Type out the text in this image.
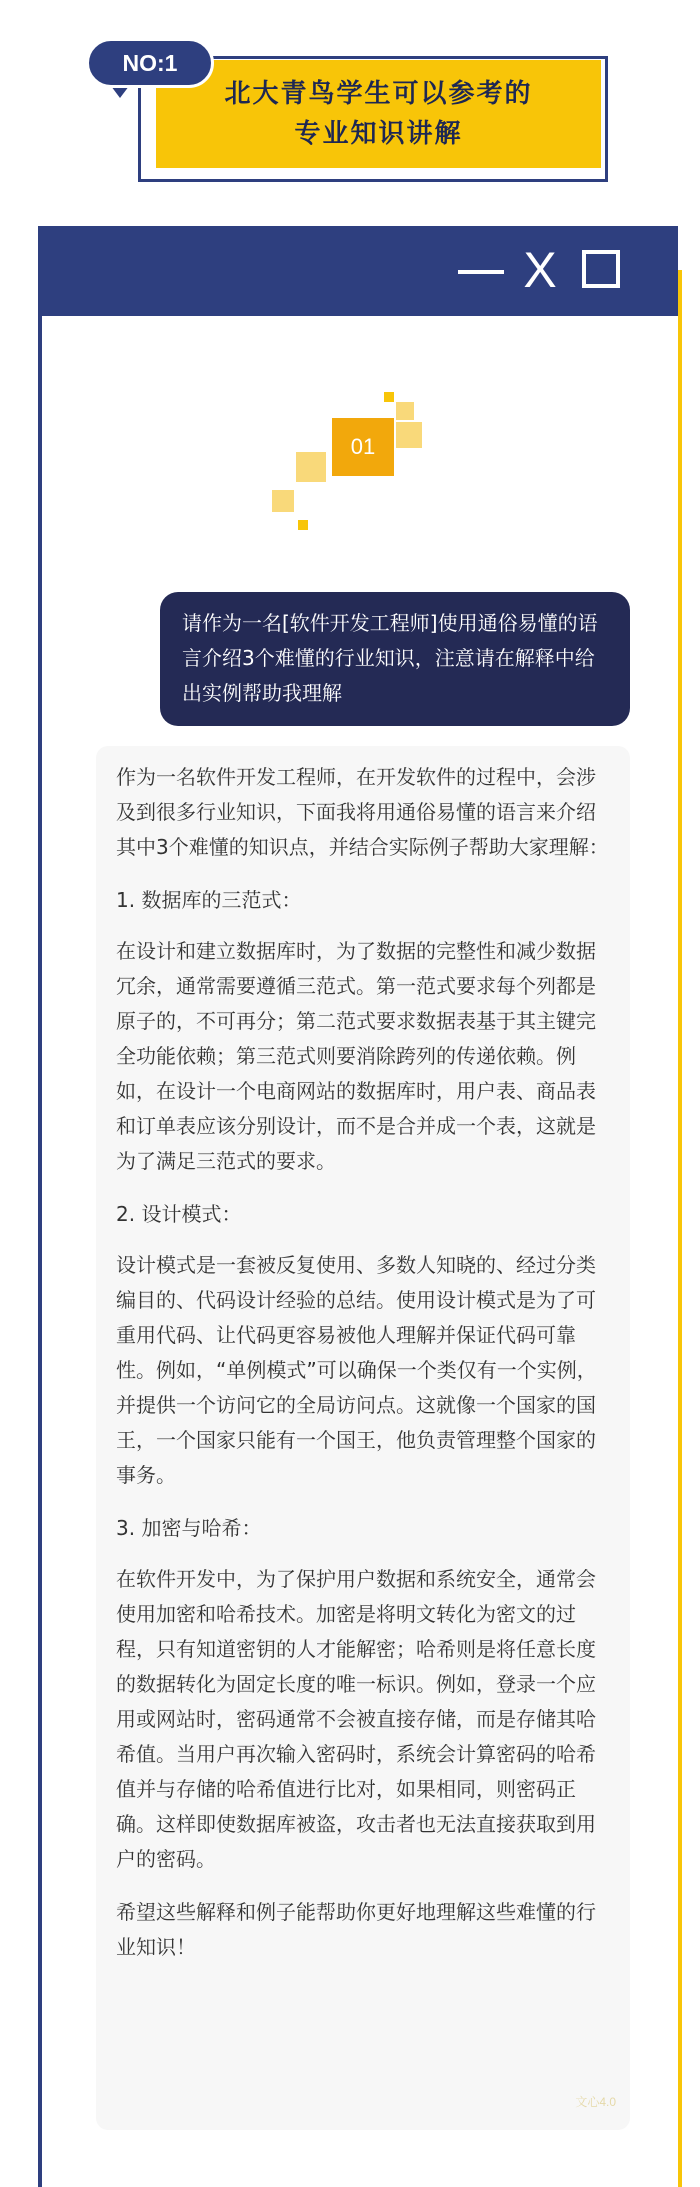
北大青鸟学生可以参考的
专业知识讲解
NO:1
X
01
请作为一名[软件开发工程师]使用通俗易懂的语言介绍3个难懂的行业知识，注意请在解释中给出实例帮助我理解

作为一名软件开发工程师，在开发软件的过程中，会涉及到很多行业知识，下面我将用通俗易懂的语言来介绍其中3个难懂的知识点，并结合实际例子帮助大家理解：

1. 数据库的三范式：

在设计和建立数据库时，为了数据的完整性和减少数据冗余，通常需要遵循三范式。第一范式要求每个列都是原子的，不可再分；第二范式要求数据表基于其主键完全功能依赖；第三范式则要消除跨列的传递依赖。例如，在设计一个电商网站的数据库时，用户表、商品表和订单表应该分别设计，而不是合并成一个表，这就是为了满足三范式的要求。

2. 设计模式：

设计模式是一套被反复使用、多数人知晓的、经过分类编目的、代码设计经验的总结。使用设计模式是为了可重用代码、让代码更容易被他人理解并保证代码可靠性。例如，“单例模式”可以确保一个类仅有一个实例，并提供一个访问它的全局访问点。这就像一个国家的国王，一个国家只能有一个国王，他负责管理整个国家的事务。

3. 加密与哈希：

在软件开发中，为了保护用户数据和系统安全，通常会使用加密和哈希技术。加密是将明文转化为密文的过程，只有知道密钥的人才能解密；哈希则是将任意长度的数据转化为固定长度的唯一标识。例如，登录一个应用或网站时，密码通常不会被直接存储，而是存储其哈希值。当用户再次输入密码时，系统会计算密码的哈希值并与存储的哈希值进行比对，如果相同，则密码正确。这样即使数据库被盗，攻击者也无法直接获取到用户的密码。

希望这些解释和例子能帮助你更好地理解这些难懂的行业知识！

文心4.0
